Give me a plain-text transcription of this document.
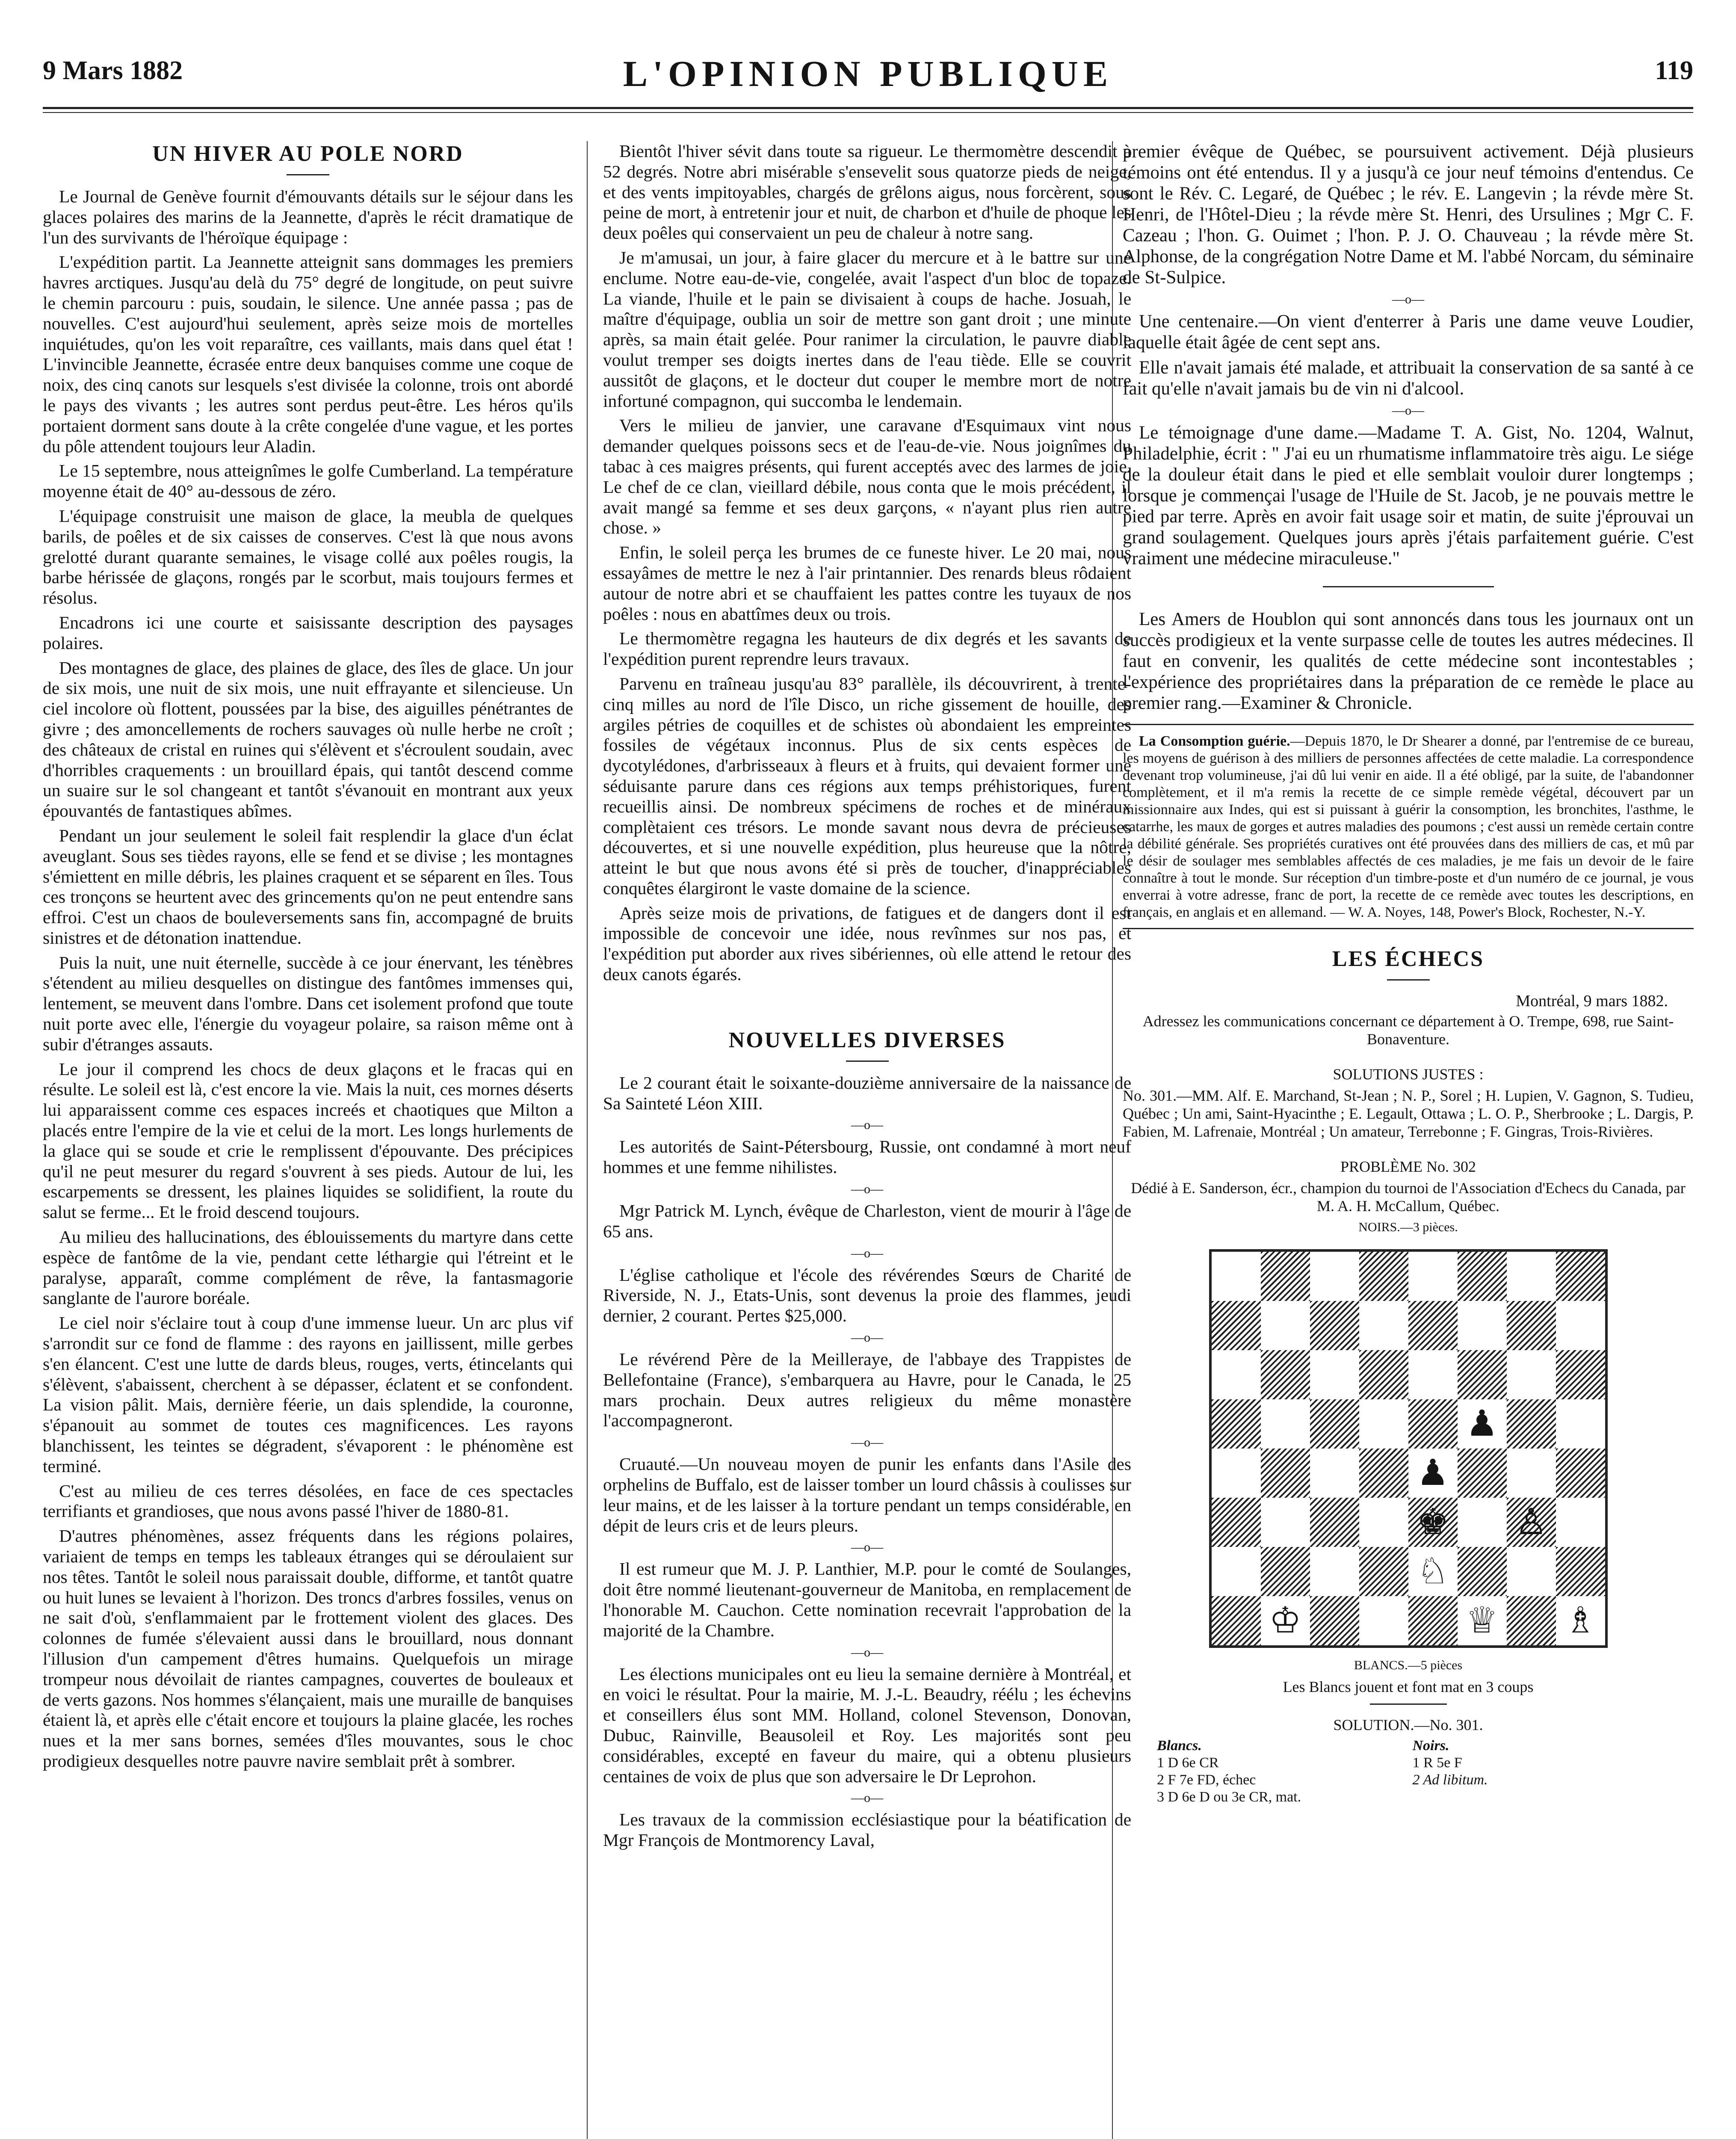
9 Mars 1882	L'OPINION PUBLIQUE	119
UN HIVER AU POLE NORD

Le Journal de Genève fournit d'émouvants détails sur le séjour dans les glaces polaires des marins de la Jeannette, d'après le récit dramatique de l'un des survivants de l'héroïque équipage :

L'expédition partit. La Jeannette atteignit sans dommages les premiers havres arctiques. Jusqu'au delà du 75° degré de longitude, on peut suivre le chemin parcouru : puis, soudain, le silence. Une année passa ; pas de nouvelles. C'est aujourd'hui seulement, après seize mois de mortelles inquiétudes, qu'on les voit reparaître, ces vaillants, mais dans quel état ! L'invincible Jeannette, écrasée entre deux banquises comme une coque de noix, des cinq canots sur lesquels s'est divisée la colonne, trois ont abordé le pays des vivants ; les autres sont perdus peut-être. Les héros qu'ils portaient dorment sans doute à la crête congelée d'une vague, et les portes du pôle attendent toujours leur Aladin.

Le 15 septembre, nous atteignîmes le golfe Cumberland. La température moyenne était de 40° au-dessous de zéro.

L'équipage construisit une maison de glace, la meubla de quelques barils, de poêles et de six caisses de conserves. C'est là que nous avons grelotté durant quarante semaines, le visage collé aux poêles rougis, la barbe hérissée de glaçons, rongés par le scorbut, mais toujours fermes et résolus.

Encadrons ici une courte et saisissante description des paysages polaires.

Des montagnes de glace, des plaines de glace, des îles de glace. Un jour de six mois, une nuit de six mois, une nuit effrayante et silencieuse. Un ciel incolore où flottent, poussées par la bise, des aiguilles pénétrantes de givre ; des amoncellements de rochers sauvages où nulle herbe ne croît ; des châteaux de cristal en ruines qui s'élèvent et s'écroulent soudain, avec d'horribles craquements : un brouillard épais, qui tantôt descend comme un suaire sur le sol changeant et tantôt s'évanouit en montrant aux yeux épouvantés de fantastiques abîmes.

Pendant un jour seulement le soleil fait resplendir la glace d'un éclat aveuglant. Sous ses tièdes rayons, elle se fend et se divise ; les montagnes s'émiettent en mille débris, les plaines craquent et se séparent en îles. Tous ces tronçons se heurtent avec des grincements qu'on ne peut entendre sans effroi. C'est un chaos de bouleversements sans fin, accompagné de bruits sinistres et de détonation inattendue.

Puis la nuit, une nuit éternelle, succède à ce jour énervant, les ténèbres s'étendent au milieu desquelles on distingue des fantômes immenses qui, lentement, se meuvent dans l'ombre. Dans cet isolement profond que toute nuit porte avec elle, l'énergie du voyageur polaire, sa raison même ont à subir d'étranges assauts.

Le jour il comprend les chocs de deux glaçons et le fracas qui en résulte. Le soleil est là, c'est encore la vie. Mais la nuit, ces mornes déserts lui apparaissent comme ces espaces increés et chaotiques que Milton a placés entre l'empire de la vie et celui de la mort. Les longs hurlements de la glace qui se soude et crie le remplissent d'épouvante. Des précipices qu'il ne peut mesurer du regard s'ouvrent à ses pieds. Autour de lui, les escarpements se dressent, les plaines liquides se solidifient, la route du salut se ferme... Et le froid descend toujours.

Au milieu des hallucinations, des éblouissements du martyre dans cette espèce de fantôme de la vie, pendant cette léthargie qui l'étreint et le paralyse, apparaît, comme complément de rêve, la fantasmagorie sanglante de l'aurore boréale.

Le ciel noir s'éclaire tout à coup d'une immense lueur. Un arc plus vif s'arrondit sur ce fond de flamme : des rayons en jaillissent, mille gerbes s'en élancent. C'est une lutte de dards bleus, rouges, verts, étincelants qui s'élèvent, s'abaissent, cherchent à se dépasser, éclatent et se confondent. La vision pâlit. Mais, dernière féerie, un dais splendide, la couronne, s'épanouit au sommet de toutes ces magnificences. Les rayons blanchissent, les teintes se dégradent, s'évaporent : le phénomène est terminé.

C'est au milieu de ces terres désolées, en face de ces spectacles terrifiants et grandioses, que nous avons passé l'hiver de 1880-81.

D'autres phénomènes, assez fréquents dans les régions polaires, variaient de temps en temps les tableaux étranges qui se déroulaient sur nos têtes. Tantôt le soleil nous paraissait double, difforme, et tantôt quatre ou huit lunes se levaient à l'horizon. Des troncs d'arbres fossiles, venus on ne sait d'où, s'enflammaient par le frottement violent des glaces. Des colonnes de fumée s'élevaient aussi dans le brouillard, nous donnant l'illusion d'un campement d'êtres humains. Quelquefois un mirage trompeur nous dévoilait de riantes campagnes, couvertes de bouleaux et de verts gazons. Nos hommes s'élançaient, mais une muraille de banquises étaient là, et après elle c'était encore et toujours la plaine glacée, les roches nues et la mer sans bornes, semées d'îles mouvantes, sous le choc prodigieux desquelles notre pauvre navire semblait prêt à sombrer.

Bientôt l'hiver sévit dans toute sa rigueur. Le thermomètre descendit à 52 degrés. Notre abri misérable s'ensevelit sous quatorze pieds de neige, et des vents impitoyables, chargés de grêlons aigus, nous forcèrent, sous peine de mort, à entretenir jour et nuit, de charbon et d'huile de phoque les deux poêles qui conservaient un peu de chaleur à notre sang.

Je m'amusai, un jour, à faire glacer du mercure et à le battre sur une enclume. Notre eau-de-vie, congelée, avait l'aspect d'un bloc de topaze. La viande, l'huile et le pain se divisaient à coups de hache. Josuah, le maître d'équipage, oublia un soir de mettre son gant droit ; une minute après, sa main était gelée. Pour ranimer la circulation, le pauvre diable voulut tremper ses doigts inertes dans de l'eau tiède. Elle se couvrit aussitôt de glaçons, et le docteur dut couper le membre mort de notre infortuné compagnon, qui succomba le lendemain.

Vers le milieu de janvier, une caravane d'Esquimaux vint nous demander quelques poissons secs et de l'eau-de-vie. Nous joignîmes du tabac à ces maigres présents, qui furent acceptés avec des larmes de joie. Le chef de ce clan, vieillard débile, nous conta que le mois précédent, il avait mangé sa femme et ses deux garçons, « n'ayant plus rien autre chose. »

Enfin, le soleil perça les brumes de ce funeste hiver. Le 20 mai, nous essayâmes de mettre le nez à l'air printannier. Des renards bleus rôdaient autour de notre abri et se chauffaient les pattes contre les tuyaux de nos poêles : nous en abattîmes deux ou trois.

Le thermomètre regagna les hauteurs de dix degrés et les savants de l'expédition purent reprendre leurs travaux.

Parvenu en traîneau jusqu'au 83° parallèle, ils découvrirent, à trente-cinq milles au nord de l'île Disco, un riche gissement de houille, des argiles pétries de coquilles et de schistes où abondaient les empreintes fossiles de végétaux inconnus. Plus de six cents espèces de dycotylédones, d'arbrisseaux à fleurs et à fruits, qui devaient former une séduisante parure dans ces régions aux temps préhistoriques, furent recueillis ainsi. De nombreux spécimens de roches et de minéraux complètaient ces trésors. Le monde savant nous devra de précieuses découvertes, et si une nouvelle expédition, plus heureuse que la nôtre, atteint le but que nous avons été si près de toucher, d'inappréciables conquêtes élargiront le vaste domaine de la science.

Après seize mois de privations, de fatigues et de dangers dont il est impossible de concevoir une idée, nous revînmes sur nos pas, et l'expédition put aborder aux rives sibériennes, où elle attend le retour des deux canots égarés.

NOUVELLES DIVERSES

Le 2 courant était le soixante-douzième anniversaire de la naissance de Sa Sainteté Léon XIII.

—o—

Les autorités de Saint-Pétersbourg, Russie, ont condamné à mort neuf hommes et une femme nihilistes.

—o—

Mgr Patrick M. Lynch, évêque de Charleston, vient de mourir à l'âge de 65 ans.

—o—

L'église catholique et l'école des révérendes Sœurs de Charité de Riverside, N. J., Etats-Unis, sont devenus la proie des flammes, jeudi dernier, 2 courant. Pertes $25,000.

—o—

Le révérend Père de la Meilleraye, de l'abbaye des Trappistes de Bellefontaine (France), s'embarquera au Havre, pour le Canada, le 25 mars prochain. Deux autres religieux du même monastère l'accompagneront.

—o—

Cruauté.—Un nouveau moyen de punir les enfants dans l'Asile des orphelins de Buffalo, est de laisser tomber un lourd châssis à coulisses sur leur mains, et de les laisser à la torture pendant un temps considérable, en dépit de leurs cris et de leurs pleurs.

—o—

Il est rumeur que M. J. P. Lanthier, M.P. pour le comté de Soulanges, doit être nommé lieutenant-gouverneur de Manitoba, en remplacement de l'honorable M. Cauchon. Cette nomination recevrait l'approbation de la majorité de la Chambre.

—o—

Les élections municipales ont eu lieu la semaine dernière à Montréal, et en voici le résultat. Pour la mairie, M. J.-L. Beaudry, réélu ; les échevins et conseillers élus sont MM. Holland, colonel Stevenson, Donovan, Dubuc, Rainville, Beausoleil et Roy. Les majorités sont peu considérables, excepté en faveur du maire, qui a obtenu plusieurs centaines de voix de plus que son adversaire le Dr Leprohon.

—o—

Les travaux de la commission ecclésiastique pour la béatification de Mgr François de Montmorency Laval,

premier évêque de Québec, se poursuivent activement. Déjà plusieurs témoins ont été entendus. Il y a jusqu'à ce jour neuf témoins d'entendus. Ce sont le Rév. C. Legaré, de Québec ; le rév. E. Langevin ; la révde mère St. Henri, de l'Hôtel-Dieu ; la révde mère St. Henri, des Ursulines ; Mgr C. F. Cazeau ; l'hon. G. Ouimet ; l'hon. P. J. O. Chauveau ; la révde mère St. Alphonse, de la congrégation Notre Dame et M. l'abbé Norcam, du séminaire de St-Sulpice.

—o—

Une centenaire.—On vient d'enterrer à Paris une dame veuve Loudier, laquelle était âgée de cent sept ans.

Elle n'avait jamais été malade, et attribuait la conservation de sa santé à ce fait qu'elle n'avait jamais bu de vin ni d'alcool.

—o—

Le témoignage d'une dame.—Madame T. A. Gist, No. 1204, Walnut, Philadelphie, écrit : " J'ai eu un rhumatisme inflammatoire très aigu. Le siége de la douleur était dans le pied et elle semblait vouloir durer longtemps ; lorsque je commençai l'usage de l'Huile de St. Jacob, je ne pouvais mettre le pied par terre. Après en avoir fait usage soir et matin, de suite j'éprouvai un grand soulagement. Quelques jours après j'étais parfaitement guérie. C'est vraiment une médecine miraculeuse."

Les Amers de Houblon qui sont annoncés dans tous les journaux ont un succès prodigieux et la vente surpasse celle de toutes les autres médecines. Il faut en convenir, les qualités de cette médecine sont incontestables ; l'expérience des propriétaires dans la préparation de ce remède le place au premier rang.—Examiner & Chronicle.

La Consomption guérie.—Depuis 1870, le Dr Shearer a donné, par l'entremise de ce bureau, les moyens de guérison à des milliers de personnes affectées de cette maladie. La correspondence devenant trop volumineuse, j'ai dû lui venir en aide. Il a été obligé, par la suite, de l'abandonner complètement, et il m'a remis la recette de ce simple remède végétal, découvert par un missionnaire aux Indes, qui est si puissant à guérir la consomption, les bronchites, l'asthme, le catarrhe, les maux de gorges et autres maladies des poumons ; c'est aussi un remède certain contre la débilité générale. Ses propriétés curatives ont été prouvées dans des milliers de cas, et mû par le désir de soulager mes semblables affectés de ces maladies, je me fais un devoir de le faire connaître à tout le monde. Sur réception d'un timbre-poste et d'un numéro de ce journal, je vous enverrai à votre adresse, franc de port, la recette de ce remède avec toutes les descriptions, en français, en anglais et en allemand. — W. A. Noyes, 148, Power's Block, Rochester, N.-Y.

LES ÉCHECS
Montréal, 9 mars 1882.
Adressez les communications concernant ce département à O. Trempe, 698, rue Saint-Bonaventure.
SOLUTIONS JUSTES :
No. 301.—MM. Alf. E. Marchand, St-Jean ; N. P., Sorel ; H. Lupien, V. Gagnon, S. Tudieu, Québec ; Un ami, Saint-Hyacinthe ; E. Legault, Ottawa ; L. O. P., Sherbrooke ; L. Dargis, P. Fabien, M. Lafrenaie, Montréal ; Un amateur, Terrebonne ; F. Gingras, Trois-Rivières.
PROBLÈME No. 302
Dédié à E. Sanderson, écr., champion du tournoi de l'Association d'Echecs du Canada, par M. A. H. McCallum, Québec.
NOIRS.—3 pièces.
♟
♟
♚ ♙
♘
♔	♕ ♗
BLANCS.—5 pièces
Les Blancs jouent et font mat en 3 coups
SOLUTION.—No. 301.
Blancs.	Noirs.
1 D 6e CR	1 R 5e F
2 F 7e FD, échec	2 Ad libitum.
3 D 6e D ou 3e CR, mat.
